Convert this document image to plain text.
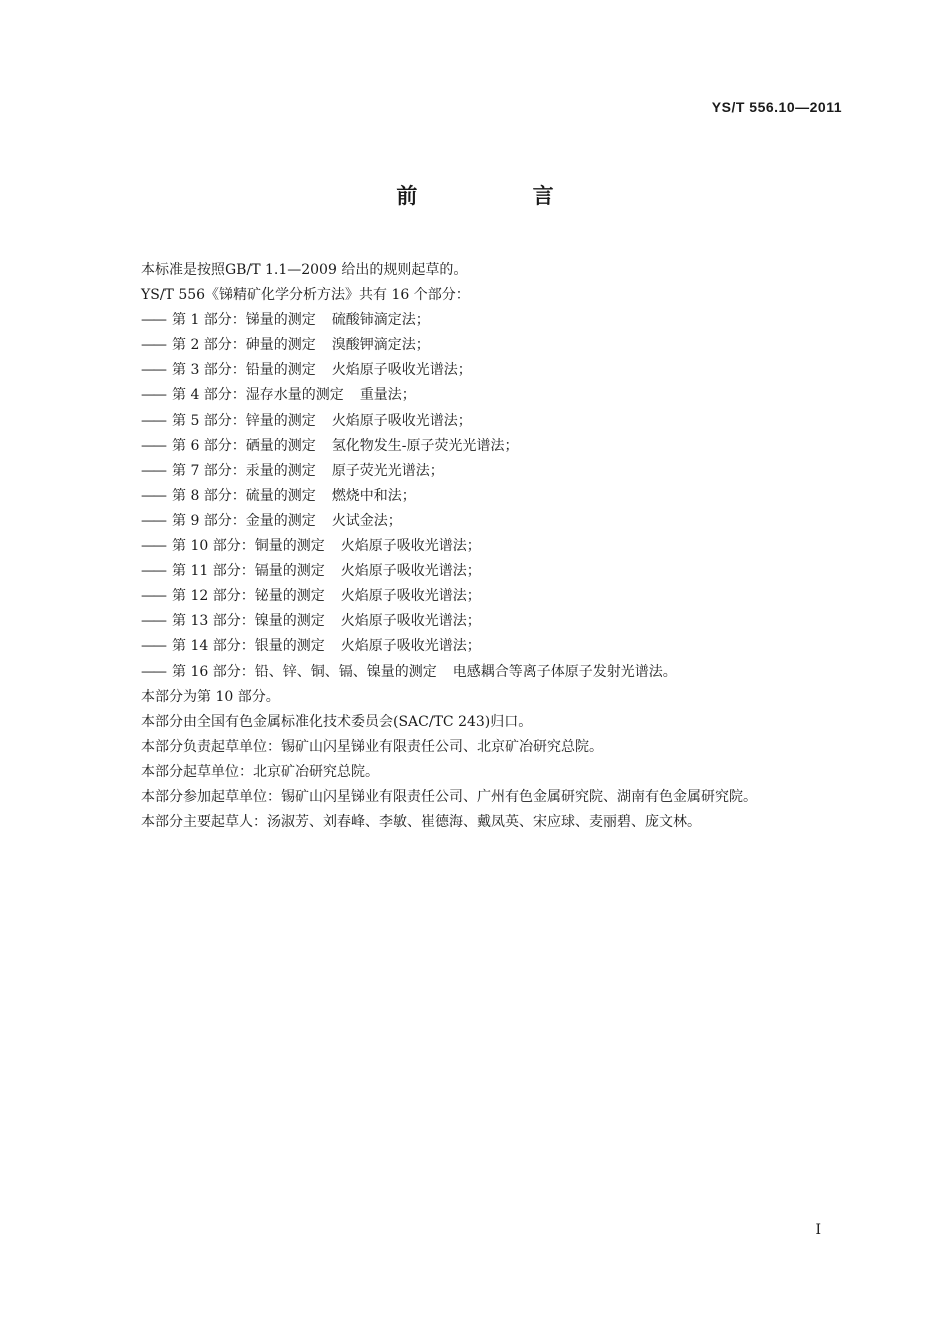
YS/T 556.10—2011
前 言
本标准是按照GB/T 1.1—2009 给出的规则起草的。
YS/T 556《锑精矿化学分析方法》共有 16 个部分：
—— 第 1 部分：锑量的测定 硫酸铈滴定法；
—— 第 2 部分：砷量的测定 溴酸钾滴定法；
—— 第 3 部分：铅量的测定 火焰原子吸收光谱法；
—— 第 4 部分：湿存水量的测定 重量法；
—— 第 5 部分：锌量的测定 火焰原子吸收光谱法；
—— 第 6 部分：硒量的测定 氢化物发生-原子荧光光谱法；
—— 第 7 部分：汞量的测定 原子荧光光谱法；
—— 第 8 部分：硫量的测定 燃烧中和法；
—— 第 9 部分：金量的测定 火试金法；
—— 第 10 部分：铜量的测定 火焰原子吸收光谱法；
—— 第 11 部分：镉量的测定 火焰原子吸收光谱法；
—— 第 12 部分：铋量的测定 火焰原子吸收光谱法；
—— 第 13 部分：镍量的测定 火焰原子吸收光谱法；
—— 第 14 部分：银量的测定 火焰原子吸收光谱法；
—— 第 16 部分：铅、锌、铜、镉、镍量的测定 电感耦合等离子体原子发射光谱法。
本部分为第 10 部分。
本部分由全国有色金属标准化技术委员会(SAC/TC 243)归口。
本部分负责起草单位：锡矿山闪星锑业有限责任公司、北京矿冶研究总院。
本部分起草单位：北京矿冶研究总院。
本部分参加起草单位：锡矿山闪星锑业有限责任公司、广州有色金属研究院、湖南有色金属研究院。
本部分主要起草人：汤淑芳、刘春峰、李敏、崔德海、戴凤英、宋应球、麦丽碧、庞文林。
I
